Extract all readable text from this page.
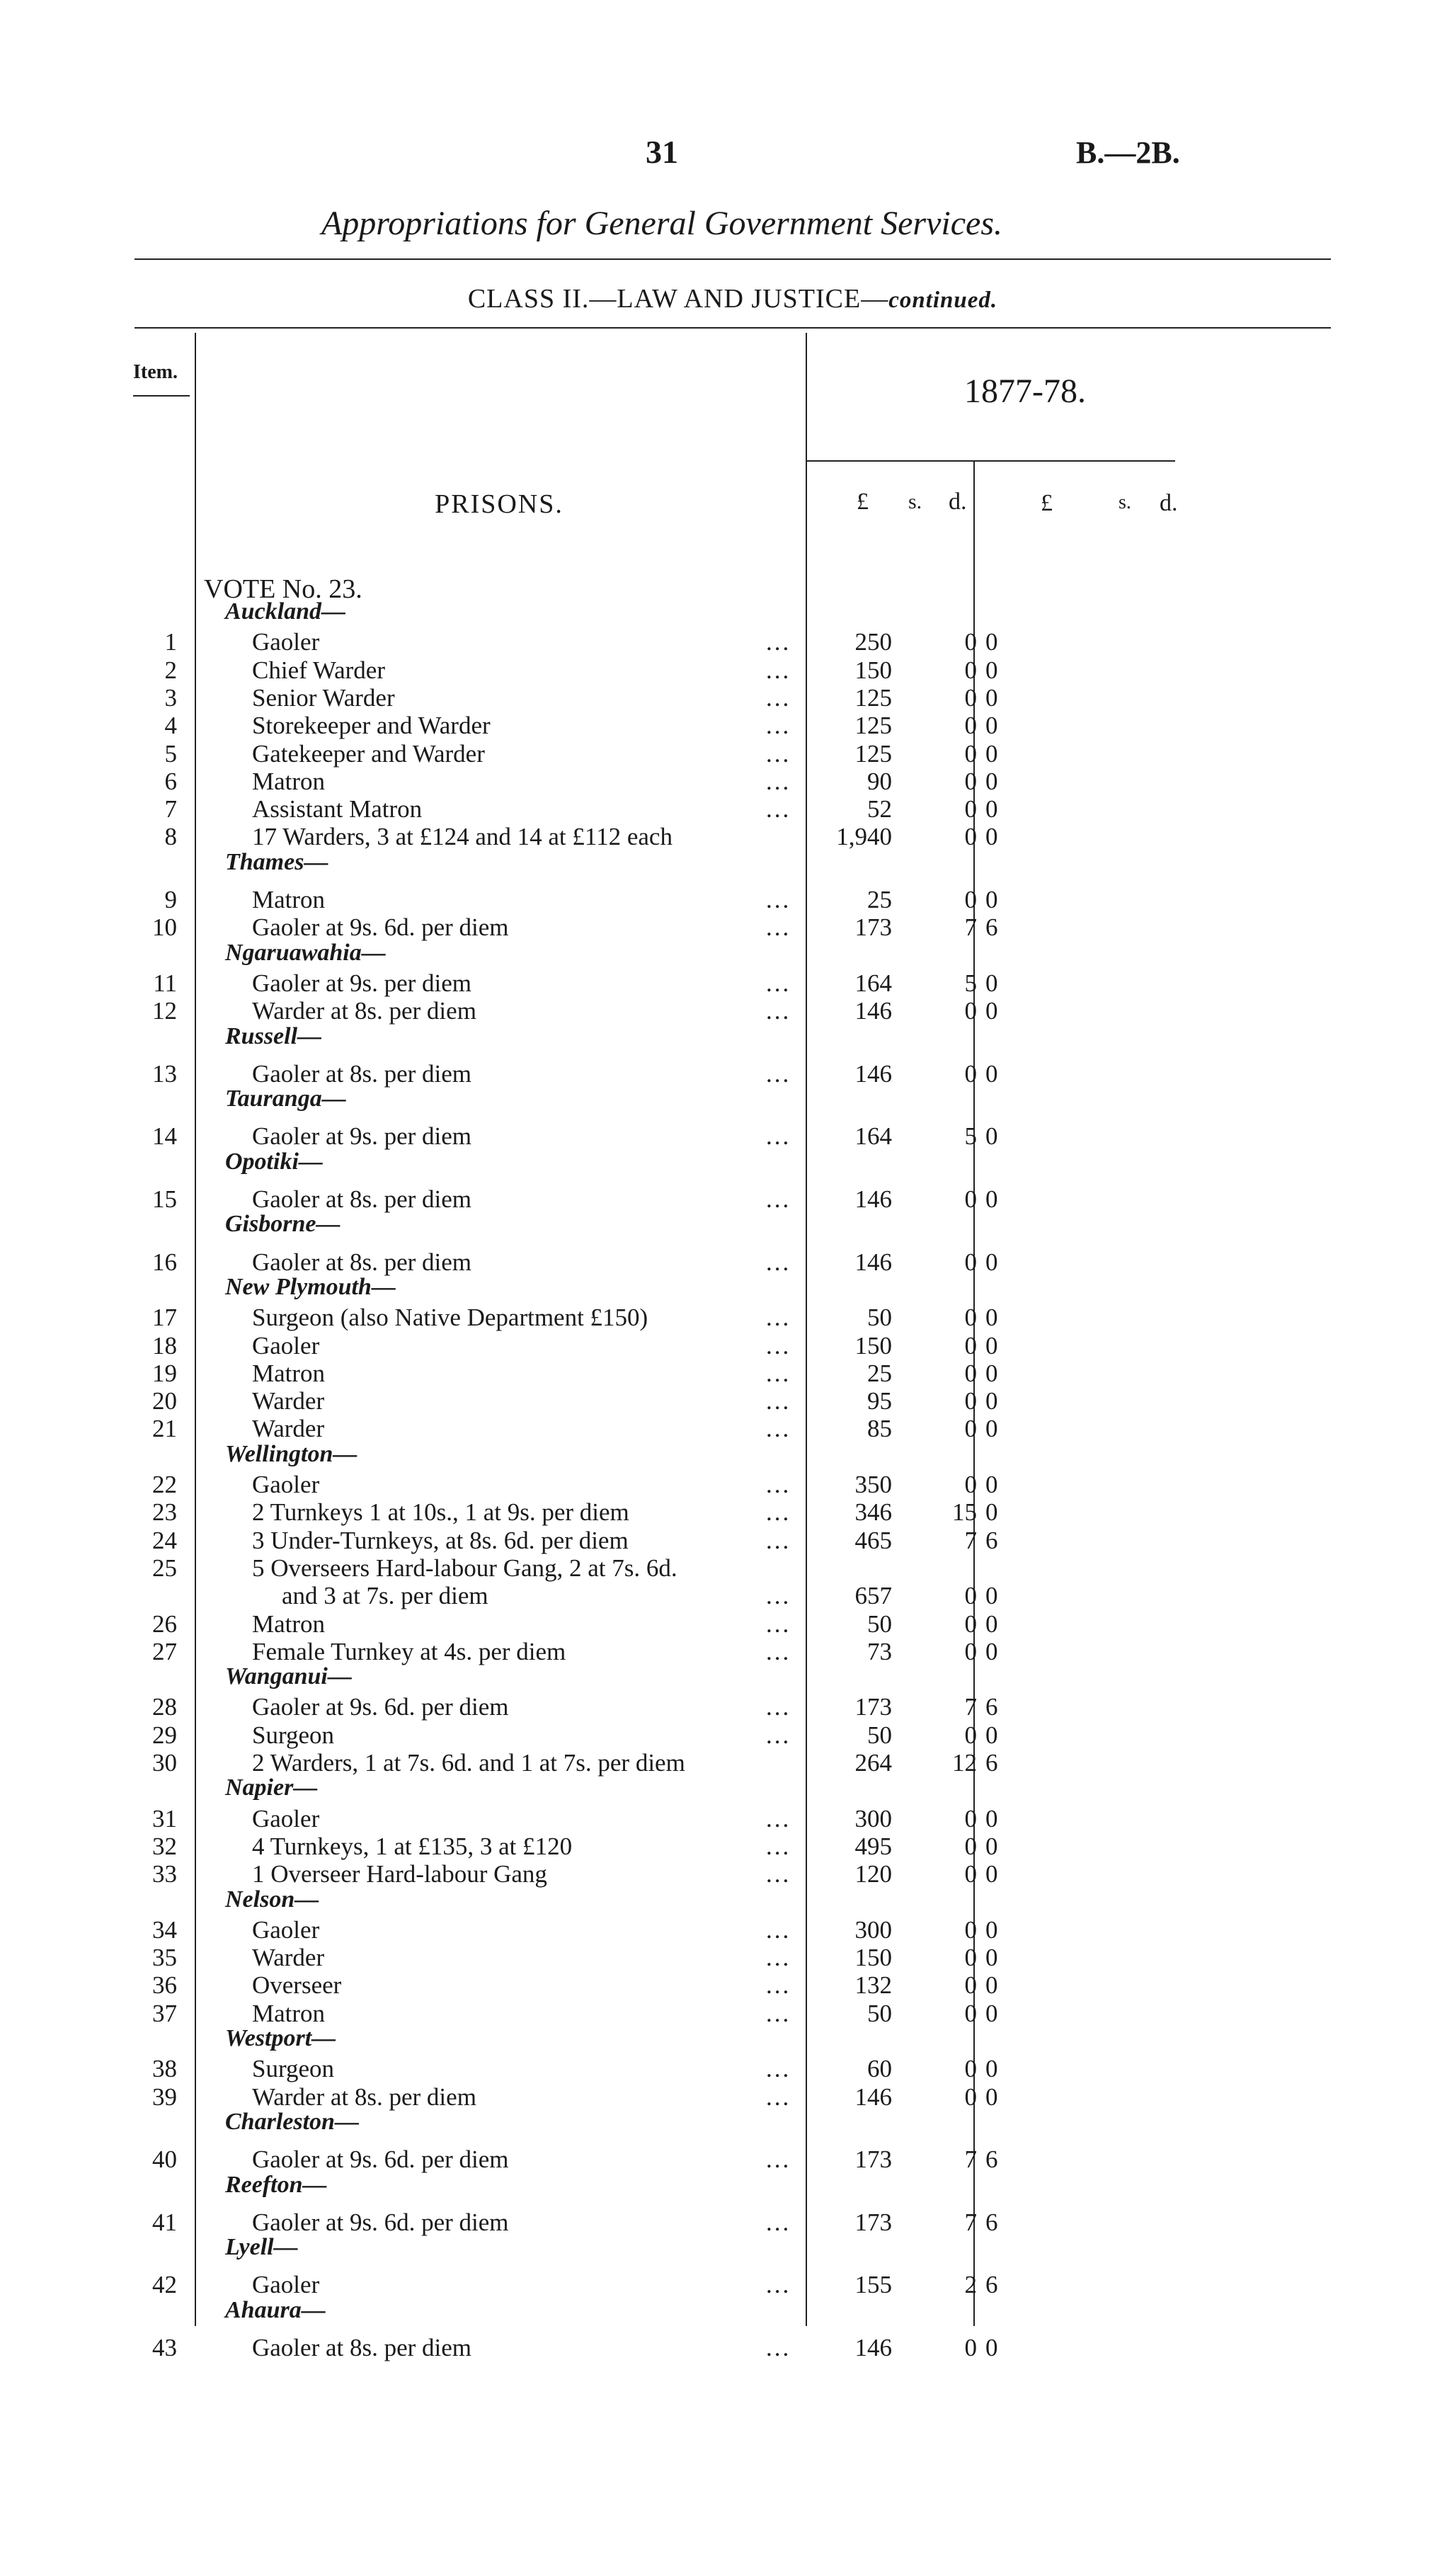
31	B.—2B.
Appropriations for General Government Services.
CLASS II.—LAW AND JUSTICE—continued.
Item.
1877-78.
PRISONS.	£ s. d.	£	s. d.
VOTE No. 23.
Auckland—
1	Gaoler	...	250	0 0
2	Chief Warder	...	150	0 0
3	Senior Warder	...	125	0 0
4	Storekeeper and Warder	...	125	0 0
5	Gatekeeper and Warder	...	125	0 0
6	Matron	...	90	0 0
7	Assistant Matron	...	52	0 0
8	17 Warders, 3 at £124 and 14 at £112 each	1,940	0 0
Thames—
9	Matron	...	25	0 0
10	Gaoler at 9s. 6d. per diem	...	173	7 6
Ngaruawahia—
11	Gaoler at 9s. per diem	...	164	5 0
12	Warder at 8s. per diem	...	146	0 0
Russell—
13	Gaoler at 8s. per diem	...	146	0 0
Tauranga—
14	Gaoler at 9s. per diem	...	164	5 0
Opotiki—
15	Gaoler at 8s. per diem	...	146	0 0
Gisborne—
16	Gaoler at 8s. per diem	...	146	0 0
New Plymouth—
17	Surgeon (also Native Department £150)	...	50	0 0
18	Gaoler	...	150	0 0
19	Matron	...	25	0 0
20	Warder	...	95	0 0
21	Warder	...	85	0 0
Wellington—
22	Gaoler	...	350	0 0
23	2 Turnkeys 1 at 10s., 1 at 9s. per diem	...	346 15 0
24	3 Under-Turnkeys, at 8s. 6d. per diem	...	465	7 6
25	5 Overseers Hard-labour Gang, 2 at 7s. 6d.
and 3 at 7s. per diem	...	657	0 0
26	Matron	...	50	0 0
27	Female Turnkey at 4s. per diem	...	73	0 0
Wanganui—
28	Gaoler at 9s. 6d. per diem	...	173	7 6
29	Surgeon	...	50	0 0
30	2 Warders, 1 at 7s. 6d. and 1 at 7s. per diem	264 12 6
Napier—
31	Gaoler	...	300	0 0
32	4 Turnkeys, 1 at £135, 3 at £120	...	495	0 0
33	1 Overseer Hard-labour Gang	...	120	0 0
Nelson—
34	Gaoler	...	300	0 0
35	Warder	...	150	0 0
36	Overseer	...	132	0 0
37	Matron	...	50	0 0
Westport—
38	Surgeon	...	60	0 0
39	Warder at 8s. per diem	...	146	0 0
Charleston—
40	Gaoler at 9s. 6d. per diem	...	173	7 6
Reefton—
41	Gaoler at 9s. 6d. per diem	...	173	7 6
Lyell—
42	Gaoler	...	155	2 6
Ahaura—
43	Gaoler at 8s. per diem	...	146	0 0
